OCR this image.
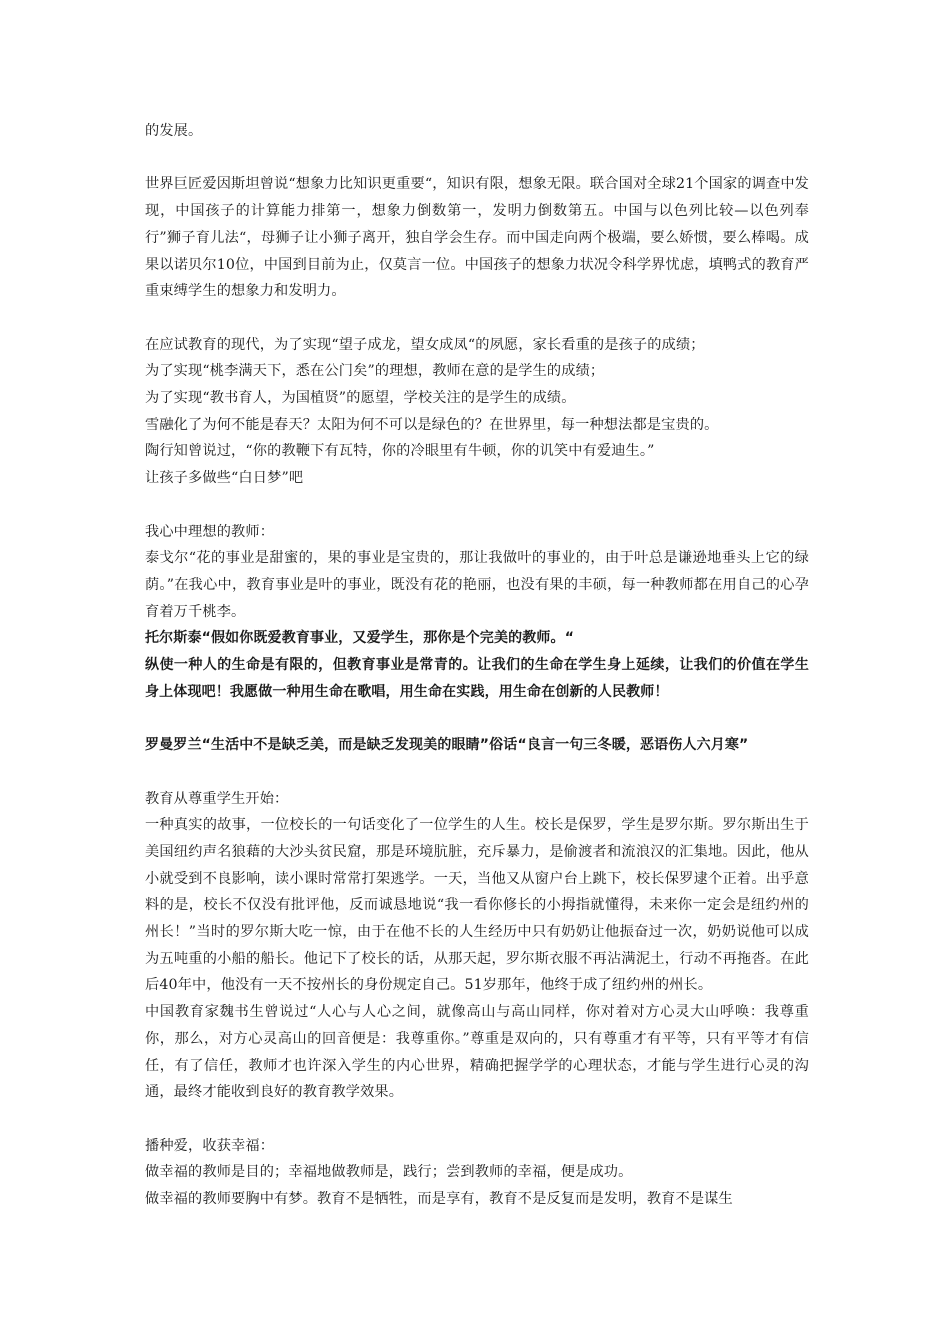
的发展。

世界巨匠爱因斯坦曾说“想象力比知识更重要“，知识有限，想象无限。联合国对全球21个国家的调查中发现，中国孩子的计算能力排第一，想象力倒数第一，发明力倒数第五。中国与以色列比较—以色列奉行”狮子育儿法“，母狮子让小狮子离开，独自学会生存。而中国走向两个极端，要么娇惯，要么棒喝。成果以诺贝尔10位，中国到目前为止，仅莫言一位。中国孩子的想象力状况令科学界忧虑，填鸭式的教育严重束缚学生的想象力和发明力。

在应试教育的现代，为了实现“望子成龙，望女成凤“的夙愿，家长看重的是孩子的成绩；

为了实现“桃李满天下，悉在公门矣”的理想，教师在意的是学生的成绩；

为了实现“教书育人，为国植贤”的愿望，学校关注的是学生的成绩。

雪融化了为何不能是春天？太阳为何不可以是绿色的？在世界里，每一种想法都是宝贵的。

陶行知曾说过，“你的教鞭下有瓦特，你的冷眼里有牛顿，你的讥笑中有爱迪生。”

让孩子多做些“白日梦”吧

我心中理想的教师：

泰戈尔“花的事业是甜蜜的，果的事业是宝贵的，那让我做叶的事业的，由于叶总是谦逊地垂头上它的绿荫。”在我心中，教育事业是叶的事业，既没有花的艳丽，也没有果的丰硕，每一种教师都在用自己的心孕育着万千桃李。

托尔斯泰“假如你既爱教育事业，又爱学生，那你是个完美的教师。“

纵使一种人的生命是有限的，但教育事业是常青的。让我们的生命在学生身上延续，让我们的价值在学生身上体现吧！我愿做一种用生命在歌唱，用生命在实践，用生命在创新的人民教师！

罗曼罗兰“生活中不是缺乏美，而是缺乏发现美的眼睛”俗话“良言一句三冬暖，恶语伤人六月寒”

教育从尊重学生开始：

一种真实的故事，一位校长的一句话变化了一位学生的人生。校长是保罗，学生是罗尔斯。罗尔斯出生于美国纽约声名狼藉的大沙头贫民窟，那是环境肮脏，充斥暴力，是偷渡者和流浪汉的汇集地。因此，他从小就受到不良影响，读小课时常常打架逃学。一天，当他又从窗户台上跳下，校长保罗逮个正着。出乎意料的是，校长不仅没有批评他，反而诚恳地说“我一看你修长的小拇指就懂得，未来你一定会是纽约州的州长！”当时的罗尔斯大吃一惊，由于在他不长的人生经历中只有奶奶让他振奋过一次，奶奶说他可以成为五吨重的小船的船长。他记下了校长的话，从那天起，罗尔斯衣服不再沾满泥土，行动不再拖沓。在此后40年中，他没有一天不按州长的身份规定自己。51岁那年，他终于成了纽约州的州长。

中国教育家魏书生曾说过“人心与人心之间，就像高山与高山同样，你对着对方心灵大山呼唤：我尊重你，那么，对方心灵高山的回音便是：我尊重你。”尊重是双向的，只有尊重才有平等，只有平等才有信任，有了信任，教师才也许深入学生的内心世界，精确把握学学的心理状态，才能与学生进行心灵的沟通，最终才能收到良好的教育教学效果。

播种爱，收获幸福：

做幸福的教师是目的；幸福地做教师是，践行；尝到教师的幸福，便是成功。

做幸福的教师要胸中有梦。教育不是牺牲，而是享有，教育不是反复而是发明，教育不是谋生
